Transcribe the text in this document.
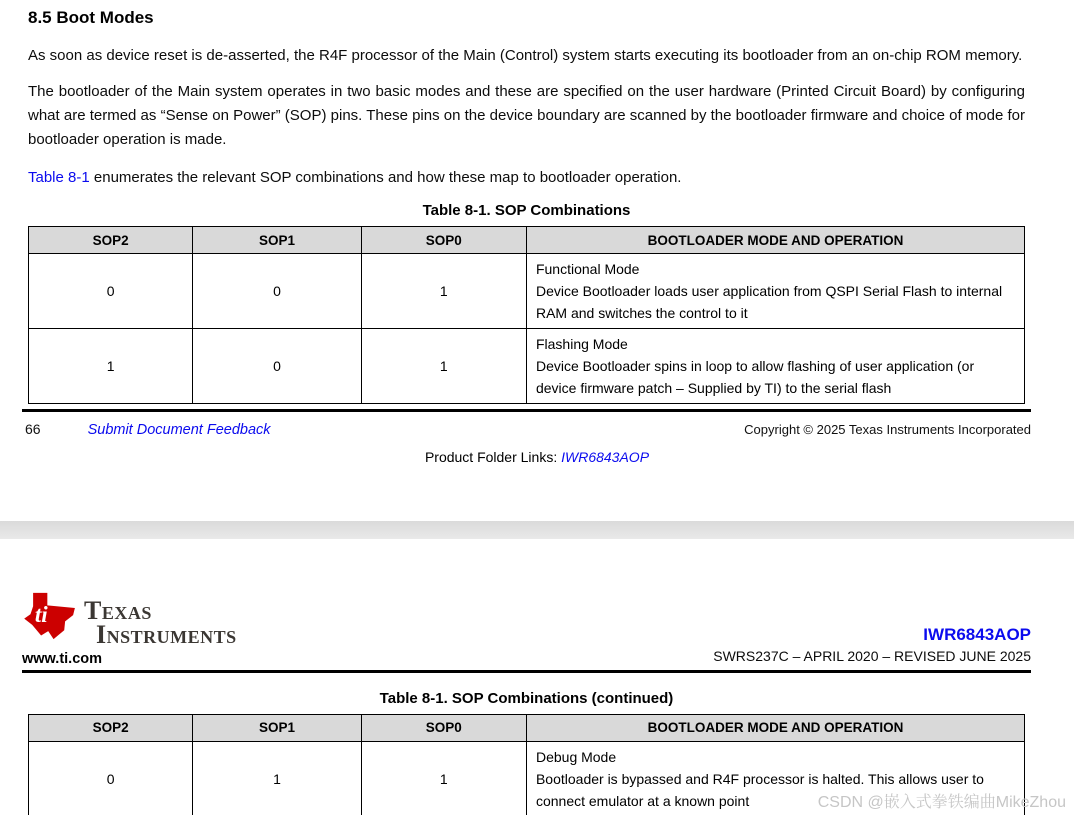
8.5 Boot Modes

As soon as device reset is de-asserted, the R4F processor of the Main (Control) system starts executing its bootloader from an on-chip ROM memory.

The bootloader of the Main system operates in two basic modes and these are specified on the user hardware (Printed Circuit Board) by configuring what are termed as “Sense on Power” (SOP) pins. These pins on the device boundary are scanned by the bootloader firmware and choice of mode for bootloader operation is made.

Table 8-1 enumerates the relevant SOP combinations and how these map to bootloader operation.

Table 8-1. SOP Combinations
SOP2	SOP1	SOP0	BOOTLOADER MODE AND OPERATION
0	0	1	Functional Mode
Device Bootloader loads user application from QSPI Serial Flash to internal RAM and switches the control to it

1	0	1	Flashing Mode
Device Bootloader spins in loop to allow flashing of user application (or device firmware patch – Supplied by TI) to the serial flash
66	Submit Document Feedback	Copyright © 2025 Texas Instruments Incorporated
Product Folder Links: IWR6843AOP
ti Texas
Instruments
www.ti.com
IWR6843AOP
SWRS237C – APRIL 2020 – REVISED JUNE 2025
Table 8-1. SOP Combinations (continued)
SOP2	SOP1	SOP0	BOOTLOADER MODE AND OPERATION
0	1	1	Debug Mode
Bootloader is bypassed and R4F processor is halted. This allows user to connect emulator at a known point	CSDN @嵌入式拳铁编曲MikeZhou
